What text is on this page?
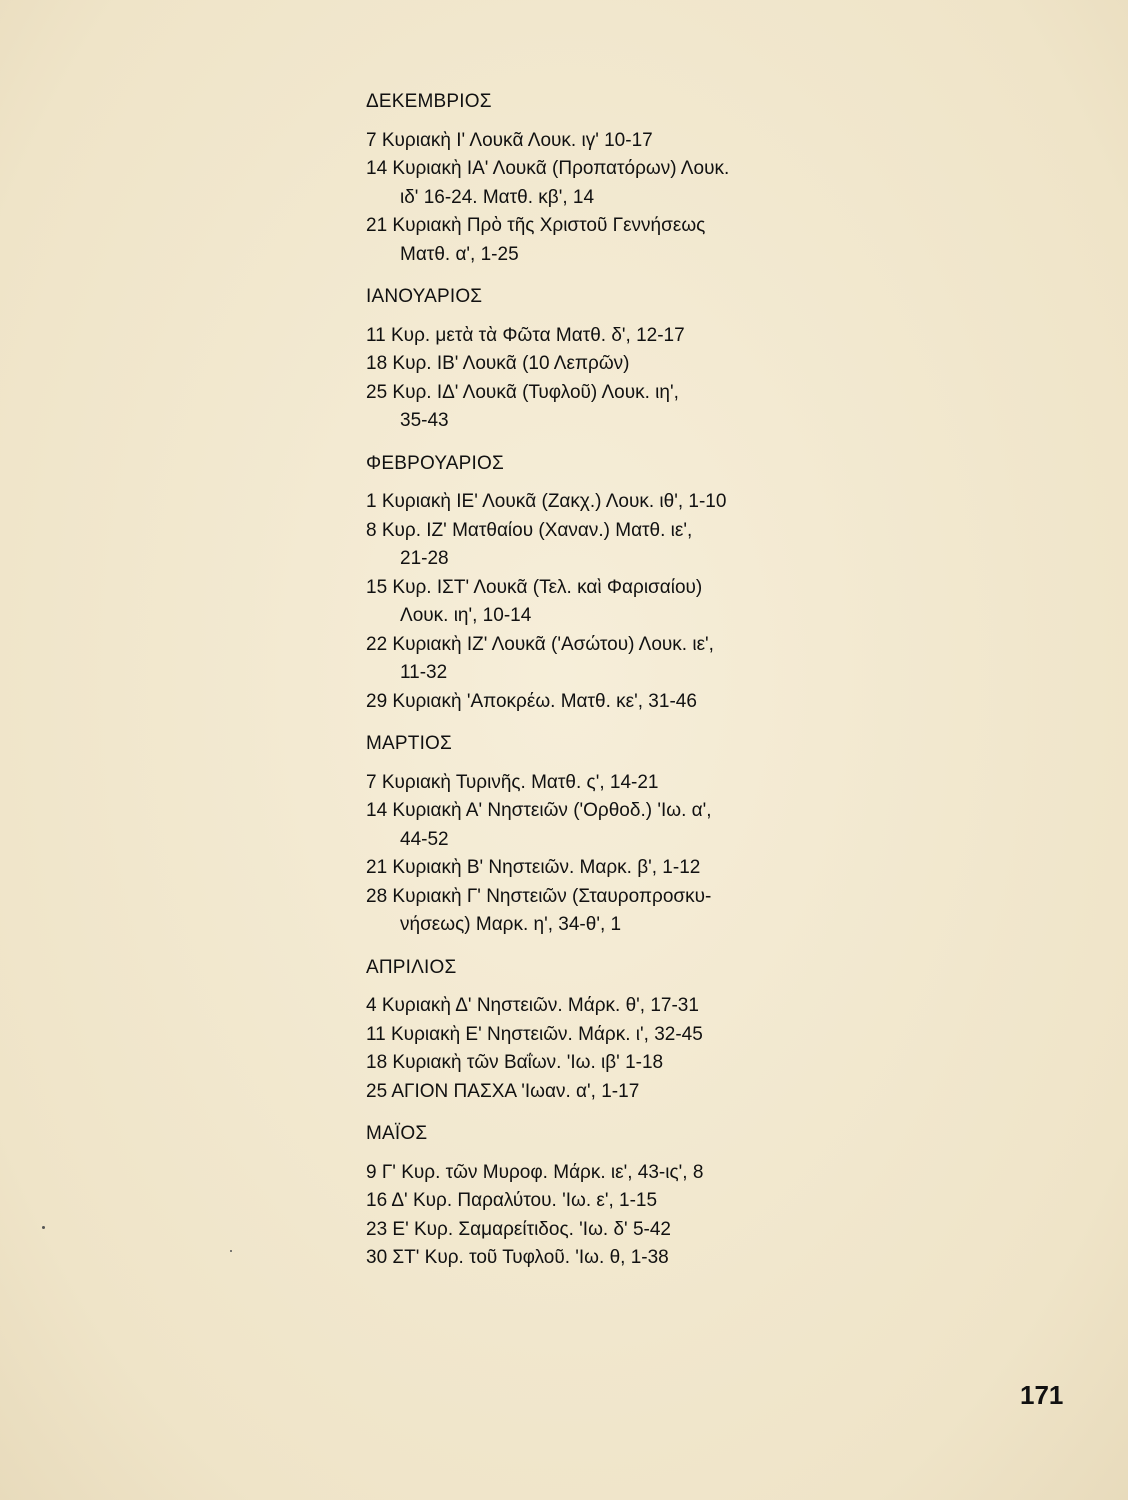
ΔΕΚΕΜΒΡΙΟΣ
7 Κυριακὴ Ι' Λουκᾶ Λουκ. ιγ' 10-17
14 Κυριακὴ ΙΑ' Λουκᾶ (Προπατόρων) Λουκ.
ιδ' 16-24. Ματθ. κβ', 14
21 Κυριακὴ Πρὸ τῆς Χριστοῦ Γεννήσεως
Ματθ. α', 1-25
ΙΑΝΟΥΑΡΙΟΣ
11 Κυρ. μετὰ τὰ Φῶτα Ματθ. δ', 12-17
18 Κυρ. ΙΒ' Λουκᾶ (10 Λεπρῶν)
25 Κυρ. ΙΔ' Λουκᾶ (Τυφλοῦ) Λουκ. ιη',
35-43
ΦΕΒΡΟΥΑΡΙΟΣ
1 Κυριακὴ ΙΕ' Λουκᾶ (Ζακχ.) Λουκ. ιθ', 1-10
8 Κυρ. ΙΖ' Ματθαίου (Χαναν.) Ματθ. ιε',
21-28
15 Κυρ. ΙΣΤ' Λουκᾶ (Τελ. καὶ Φαρισαίου)
Λουκ. ιη', 10-14
22 Κυριακὴ ΙΖ' Λουκᾶ ('Ασώτου) Λουκ. ιε',
11-32
29 Κυριακὴ 'Αποκρέω. Ματθ. κε', 31-46
ΜΑΡΤΙΟΣ
7 Κυριακὴ Τυρινῆς. Ματθ. ς', 14-21
14 Κυριακὴ Α' Νηστειῶν ('Ορθοδ.) 'Ιω. α',
44-52
21 Κυριακὴ Β' Νηστειῶν. Μαρκ. β', 1-12
28 Κυριακὴ Γ' Νηστειῶν (Σταυροπροσκυ-
νήσεως) Μαρκ. η', 34-θ', 1
ΑΠΡΙΛΙΟΣ
4 Κυριακὴ Δ' Νηστειῶν. Μάρκ. θ', 17-31
11 Κυριακὴ Ε' Νηστειῶν. Μάρκ. ι', 32-45
18 Κυριακὴ τῶν Βαΐων. 'Ιω. ιβ' 1-18
25 ΑΓΙΟΝ ΠΑΣΧΑ 'Ιωαν. α', 1-17
ΜΑΪΟΣ
9 Γ' Κυρ. τῶν Μυροφ. Μάρκ. ιε', 43-ις', 8
16 Δ' Κυρ. Παραλύτου. 'Ιω. ε', 1-15
23 Ε' Κυρ. Σαμαρείτιδος. 'Ιω. δ' 5-42
30 ΣΤ' Κυρ. τοῦ Τυφλοῦ. 'Ιω. θ, 1-38
171
